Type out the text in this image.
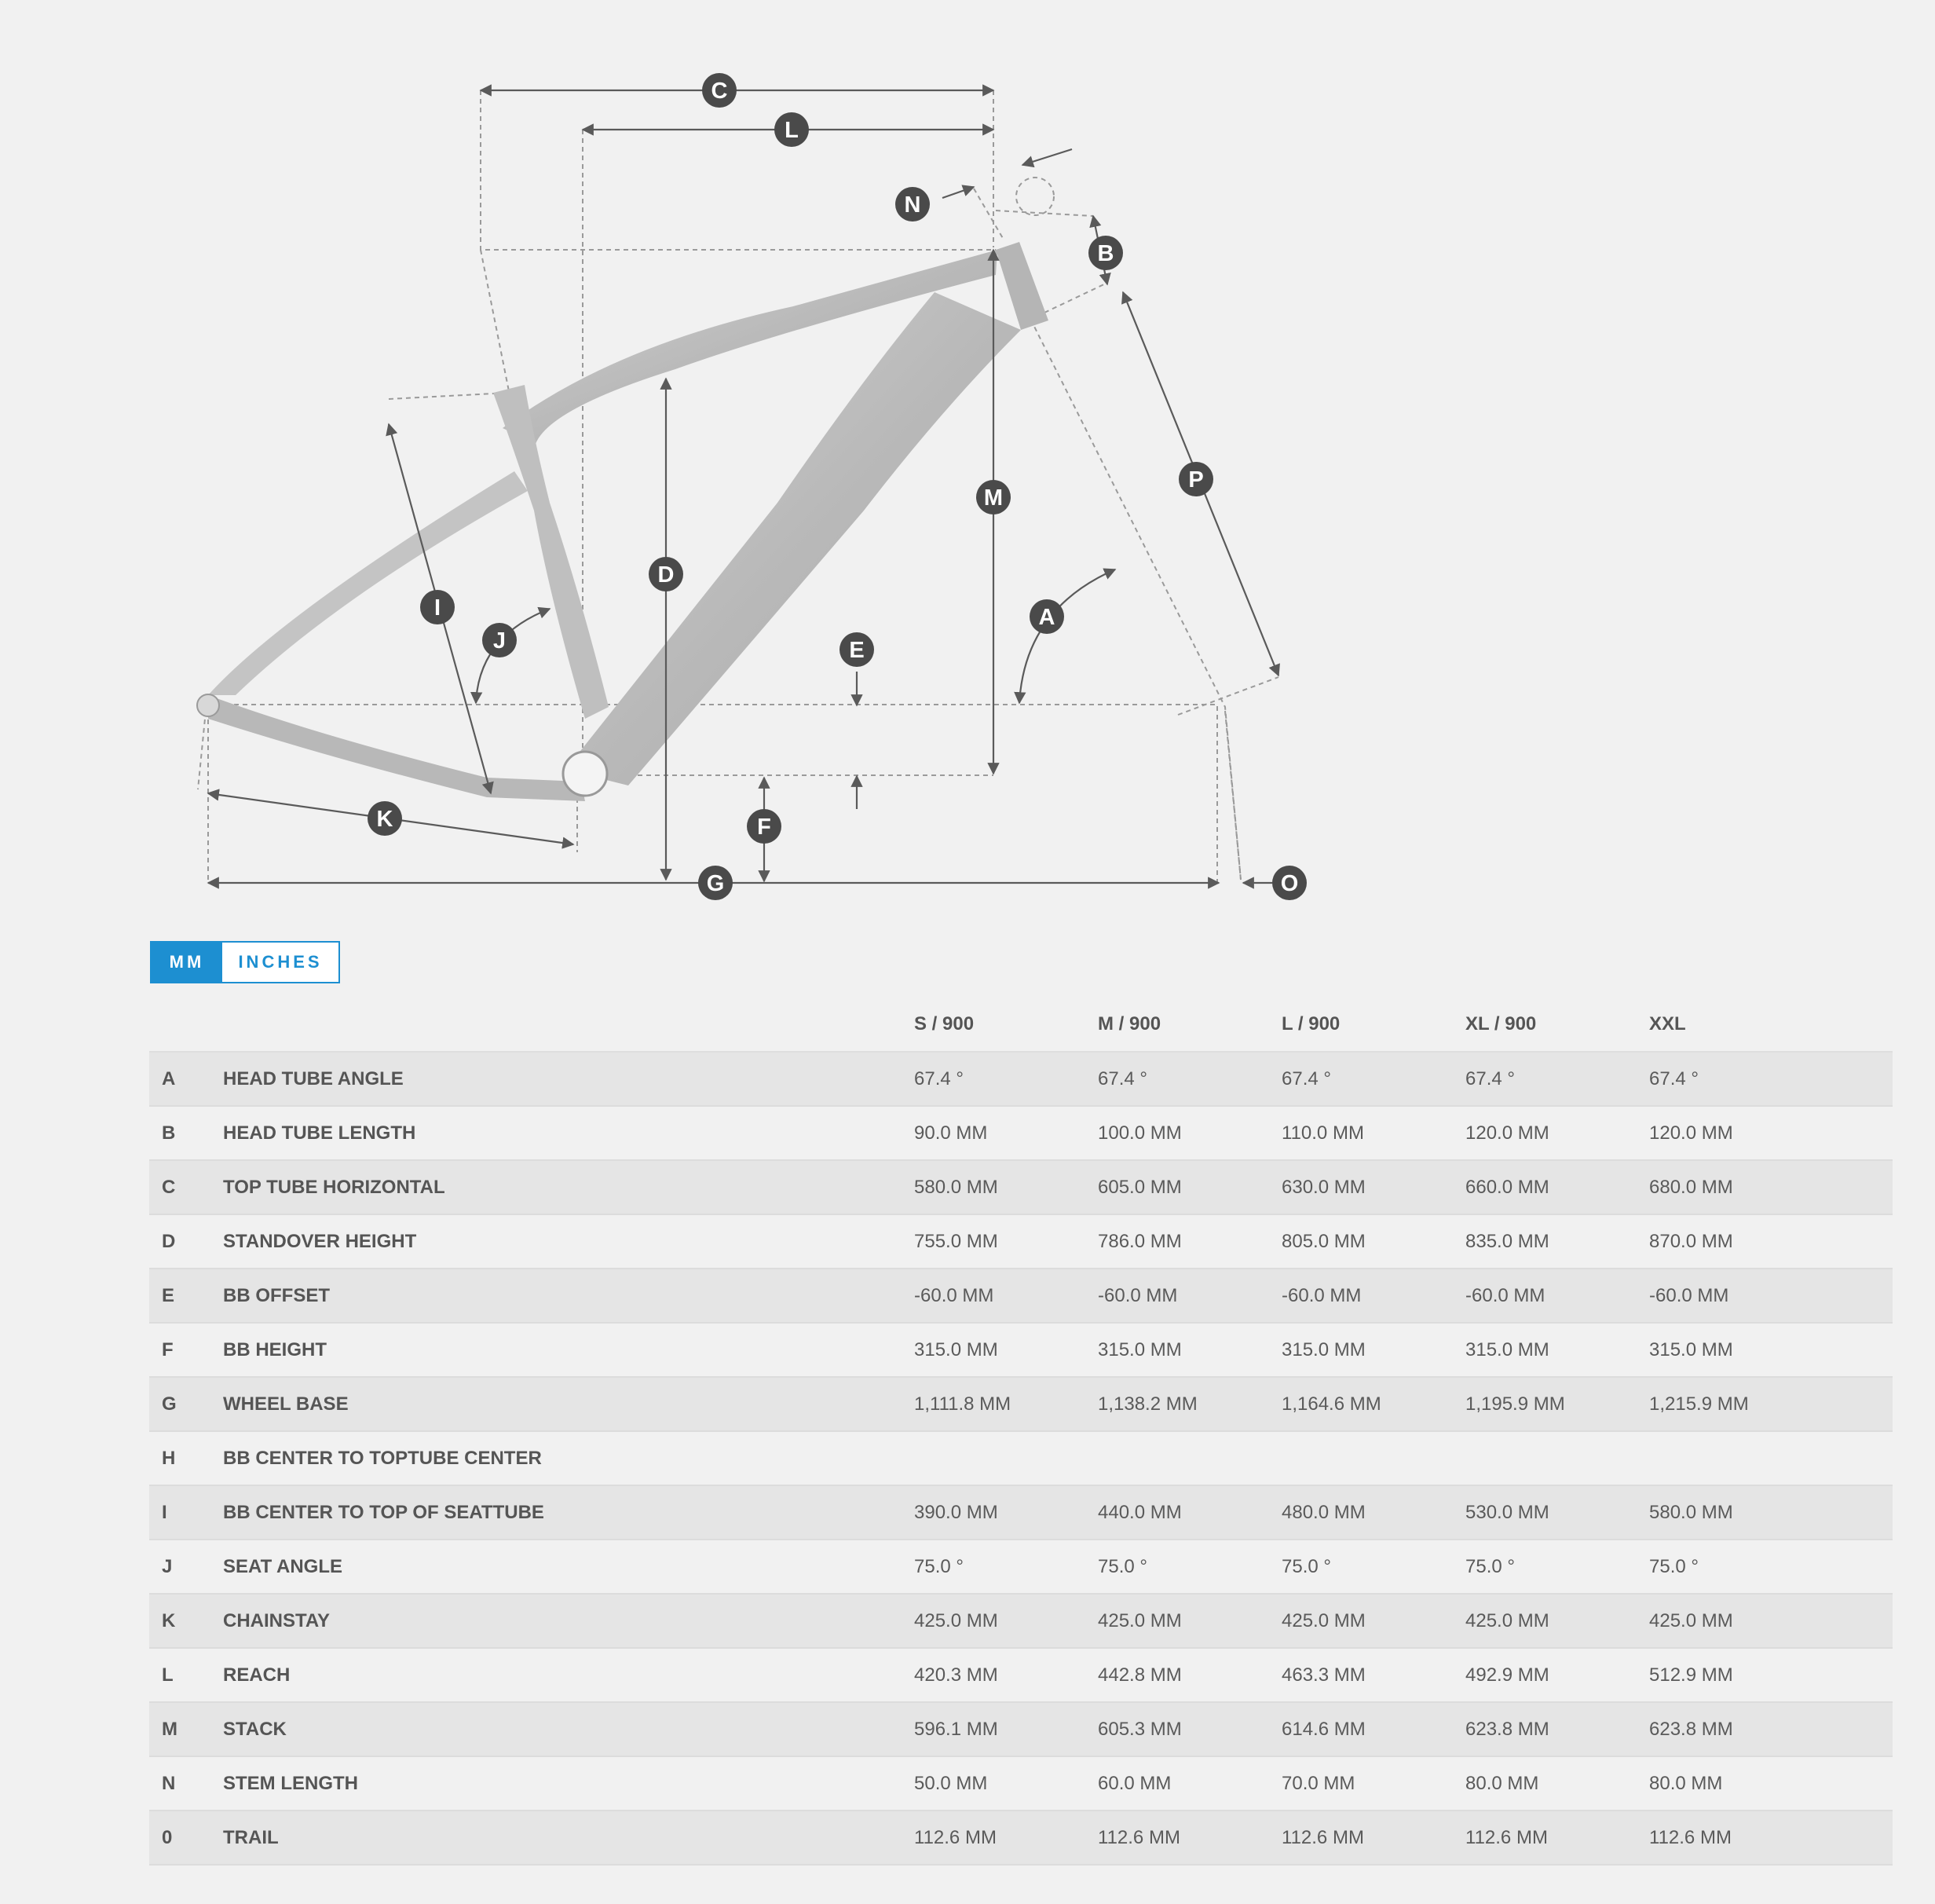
C
L
N
B
P
M
D
A
I
J	E
F
K
G	O
MM	INCHES
S / 900	M / 900	L / 900	XL / 900	XXL
A	HEAD TUBE ANGLE	67.4 °	67.4 °	67.4 °	67.4 °	67.4 °
B	HEAD TUBE LENGTH	90.0 MM	100.0 MM	110.0 MM	120.0 MM	120.0 MM
C	TOP TUBE HORIZONTAL	580.0 MM	605.0 MM	630.0 MM	660.0 MM	680.0 MM
D	STANDOVER HEIGHT	755.0 MM	786.0 MM	805.0 MM	835.0 MM	870.0 MM
E	BB OFFSET	-60.0 MM	-60.0 MM	-60.0 MM	-60.0 MM	-60.0 MM
F	BB HEIGHT	315.0 MM	315.0 MM	315.0 MM	315.0 MM	315.0 MM
G WHEEL BASE	1,111.8 MM	1,138.2 MM	1,164.6 MM	1,195.9 MM	1,215.9 MM
H	BB CENTER TO TOPTUBE CENTER
I	BB CENTER TO TOP OF SEATTUBE	390.0 MM	440.0 MM	480.0 MM	530.0 MM	580.0 MM
J	SEAT ANGLE	75.0 °	75.0 °	75.0 °	75.0 °	75.0 °
K	CHAINSTAY	425.0 MM	425.0 MM	425.0 MM	425.0 MM	425.0 MM
L	REACH	420.3 MM	442.8 MM	463.3 MM	492.9 MM	512.9 MM
M STACK	596.1 MM	605.3 MM	614.6 MM	623.8 MM	623.8 MM
N	STEM LENGTH	50.0 MM	60.0 MM	70.0 MM	80.0 MM	80.0 MM
0	TRAIL	112.6 MM	112.6 MM	112.6 MM	112.6 MM	112.6 MM
